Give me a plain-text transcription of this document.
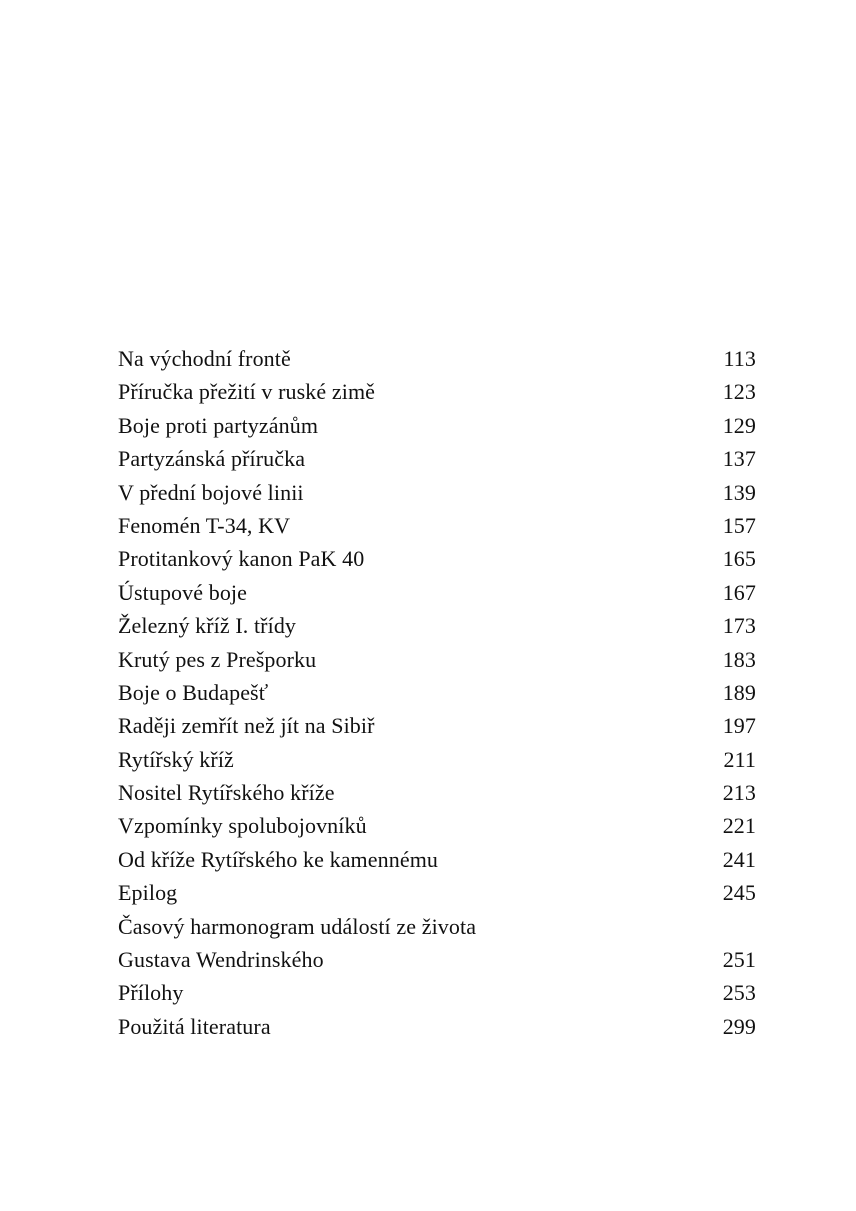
Na východní frontě	113
Příručka přežití v ruské zimě	123
Boje proti partyzánům	129
Partyzánská příručka	137
V přední bojové linii	139
Fenomén T-34, KV	157
Protitankový kanon PaK 40	165
Ústupové boje	167
Železný kříž I. třídy	173
Krutý pes z Prešporku	183
Boje o Budapešť	189
Raději zemřít než jít na Sibiř	197
Rytířský kříž	211
Nositel Rytířského kříže	213
Vzpomínky spolubojovníků	221
Od kříže Rytířského ke kamennému	241
Epilog	245
Časový harmonogram událostí ze života
Gustava Wendrinského	251
Přílohy	253
Použitá literatura	299
